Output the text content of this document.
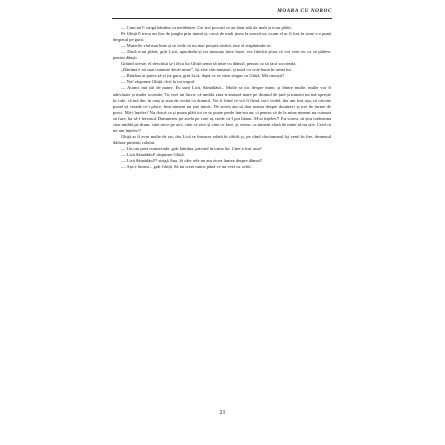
MOARA CU NOROC

— Cum nu?! strigă bătrâna cu nerăbdare. Cei trei porcari ce au băut atât de mult și n-au plătit.

Pe Ghiță îl trecu un fior de junghi prin inimă și, orică de mult ținea la soacră-sa, acum el ar fi fost în stare s-o pună deșpetul pe gură.

— Muierile văd mai bine și se vede că nu mai prețuiă treabă, zise el stăpânindu-se.

— Dacă n-au plătit, grăi Lică, apucându-și iar mustața între buze, era fiindcă știau că voi veni eu ca să plătesc pentru dânșii.

Grăind aceste, el deschisă și-i făcu lui Ghiță semn să intre cu dânsul, pentru ca să facă socoteala.

„Bătrâna e tot mai cuminte decât mine”, își zise cârciumarul, și intră cu voie bună în urma lui.

— Bătrâna ar putea să-și ție gura, grăi Lică, după ce se văzu singur cu Ghiță. Mă cunoști?

— Nu! răspunse Ghiță, rîcit la tot trupul.

— Atunci mă știi de nume. Eu sunt Lică, Sămădăul... Multe se zic despre mine, și dintre multe, multe vor fi adevărate și multe scornite. Tu vezi un lucru: că umblu ziua-n amiază mare pe drumul de țară și nimeni nu mă oprește în cale, că mă duc în oraș și stau de vorbă cu domnii. Voi fi fiind ce voi fi fiind, nu-i vorbă, dar am fost așa, că oricine poate să creadă ce-i place, însă nimeni nu știe nimic. De aceea am să dau seama despre douăzeci și trei de turme de porci. Mă-i înțeles? Nu dorcă ca și puțea plăti tot ce se poate perde într-un an, ci pentru că de la mine nimeni nu cutează să fure, ba să-i ferească Dumnezeu pe acela pe care aș crede că-l pot bănui. M-ai înțeles?! Eu voiesc să știu totdeauna cine umblă pe drum, cine trece pe aici, cine ce zice și cine ce face, și voiesc ca nimeni afară de mine să nu știe. Cred că ne-am înțeles!?

Ghiță ar fi avut multe de zis, dar Lică se întoarse odată în călcâi și, pe când cârciumarul își venii în fire, drumețul dăduse pintenii calului.

— Un om prea cumsecade, grăi bătrâna, privind în urma lui. Cine a fost asta?

— Lică Sămădăul! răspunse Ghiță.

— Lică Sămădăul?! strigă Ana. Și câte rele nu am zicea lumea despre dânsul!

— Așa e lumea... grăi Ghiță. Să nu crezi nimic până ce nu vezi cu ochii.

21
